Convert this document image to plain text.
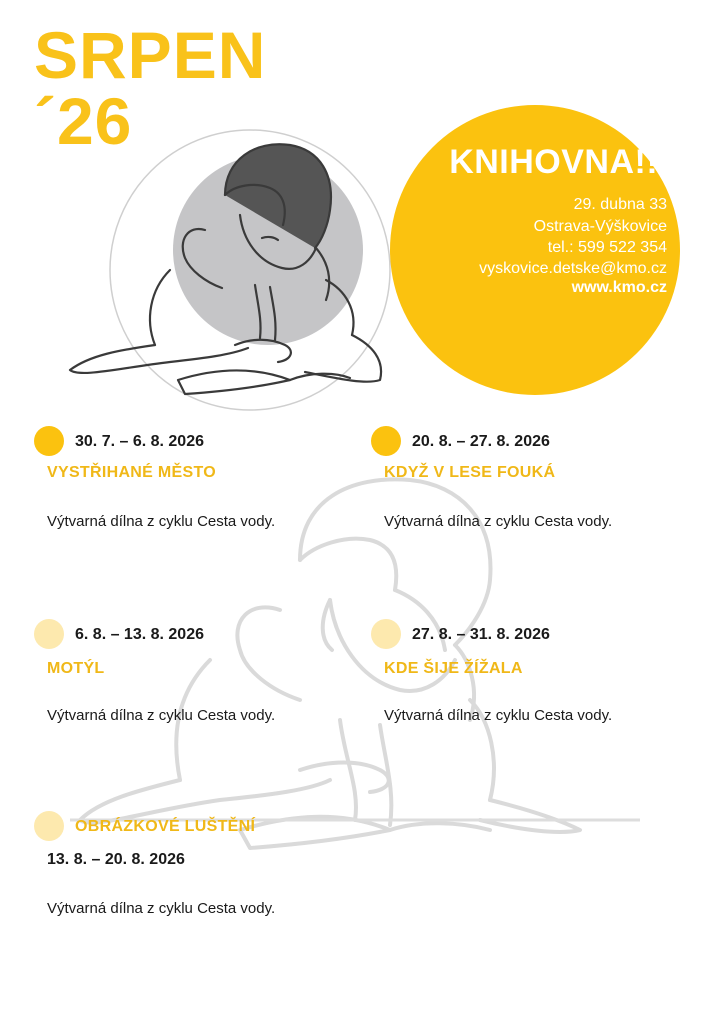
SRPEN
´26
KNIHOVNA!!!
29. dubna 33
Ostrava-Výškovice
tel.: 599 522 354
vyskovice.detske@kmo.cz
www.kmo.cz
30. 7. – 6. 8. 2026
VYSTŘIHANÉ MĚSTO
Výtvarná dílna z cyklu Cesta vody.
20. 8. – 27. 8. 2026
KDYŽ V LESE FOUKÁ
Výtvarná dílna z cyklu Cesta vody.
6. 8. – 13. 8. 2026
MOTÝL
Výtvarná dílna z cyklu Cesta vody.
27. 8. – 31. 8. 2026
KDE ŠIJE ŽÍŽALA
Výtvarná dílna z cyklu Cesta vody.
OBRÁZKOVÉ LUŠTĚNÍ
13. 8. – 20. 8. 2026
Výtvarná dílna z cyklu Cesta vody.
